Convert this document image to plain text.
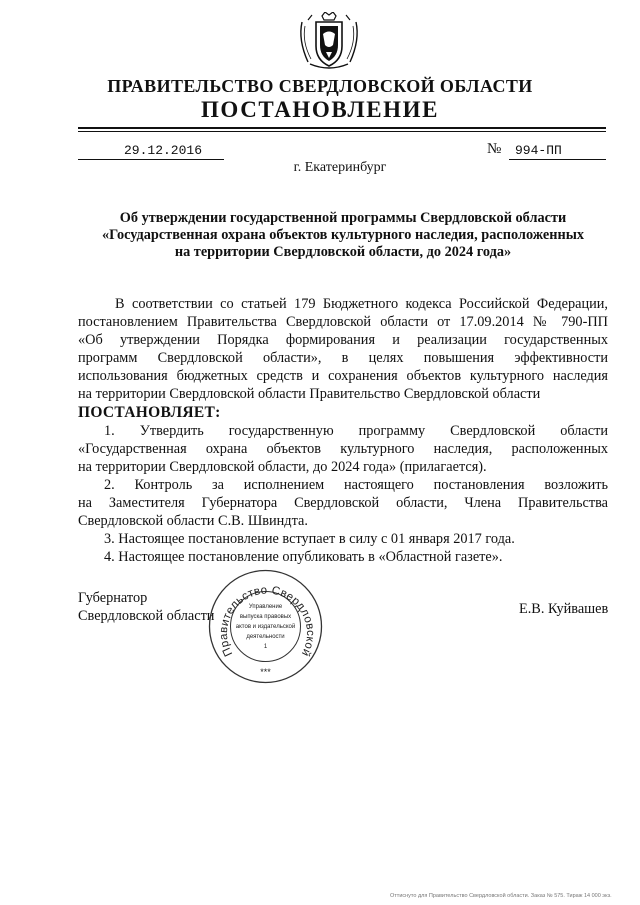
ПРАВИТЕЛЬСТВО СВЕРДЛОВСКОЙ ОБЛАСТИ
ПОСТАНОВЛЕНИЕ
29.12.2016	№	994-ПП
г. Екатеринбург
Об утверждении государственной программы Свердловской области
«Государственная охрана объектов культурного наследия, расположенных
на территории Свердловской области, до 2024 года»
В соответствии со статьей 179 Бюджетного кодекса Российской Федерации,
постановлением Правительства Свердловской области от 17.09.2014 № 790-ПП
«Об утверждении Порядка формирования и реализации государственных
программ Свердловской области», в целях повышения эффективности
использования бюджетных средств и сохранения объектов культурного наследия
на территории Свердловской области Правительство Свердловской области
ПОСТАНОВЛЯЕТ:
1. Утвердить государственную программу Свердловской области
«Государственная охрана объектов культурного наследия, расположенных
на территории Свердловской области, до 2024 года» (прилагается).
2. Контроль за исполнением настоящего постановления возложить
на Заместителя Губернатора Свердловской области, Члена Правительства
Свердловской области С.В. Швиндта.
3. Настоящее постановление вступает в силу с 01 января 2017 года.
4. Настоящее постановление опубликовать в «Областной газете».
Губернатор
Свердловской области	Е.В. Куйвашев
Правительство Свердловской
Управление
выпуска правовых
актов и издательской
деятельности
1
***
Оттиснуто для Правительство Свердловской области. Заказ № 575. Тираж 14 000 экз.
